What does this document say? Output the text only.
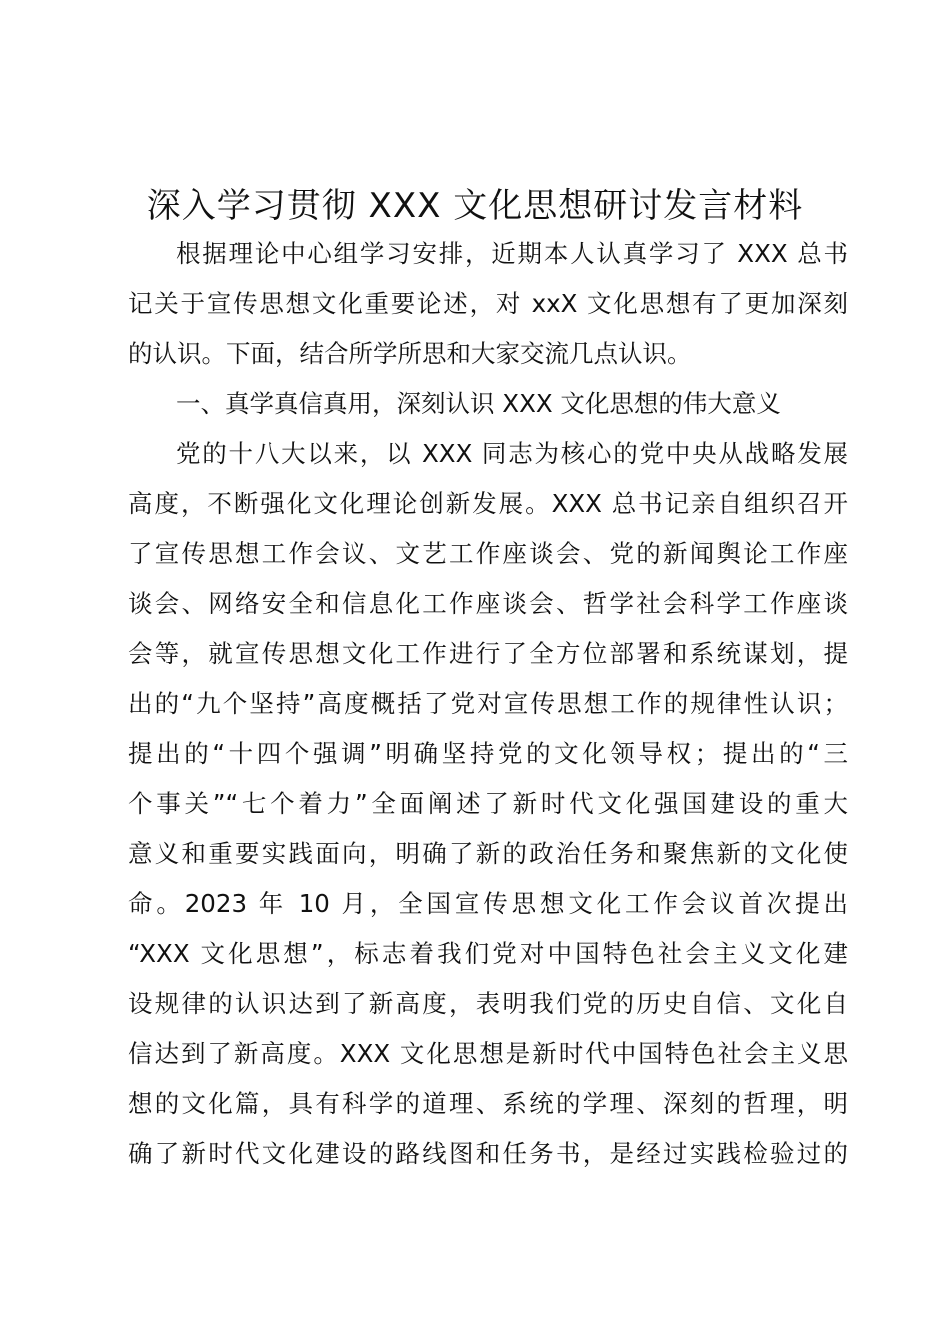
深入学习贯彻 XXX 文化思想研讨发言材料
根据理论中心组学习安排，近期本人认真学习了 XXX 总书
记关于宣传思想文化重要论述，对 xxX 文化思想有了更加深刻
的认识。下面，结合所学所思和大家交流几点认识。
一、真学真信真用，深刻认识 XXX 文化思想的伟大意义
党的十八大以来，以 XXX 同志为核心的党中央从战略发展
高度，不断强化文化理论创新发展。XXX 总书记亲自组织召开
了宣传思想工作会议、文艺工作座谈会、党的新闻舆论工作座
谈会、网络安全和信息化工作座谈会、哲学社会科学工作座谈
会等，就宣传思想文化工作进行了全方位部署和系统谋划，提
出的“九个坚持”高度概括了党对宣传思想工作的规律性认识；
提出的“十四个强调”明确坚持党的文化领导权；提出的“三
个事关”“七个着力”全面阐述了新时代文化强国建设的重大
意义和重要实践面向，明确了新的政治任务和聚焦新的文化使
命。2023 年 10 月，全国宣传思想文化工作会议首次提出
“XXX 文化思想”，标志着我们党对中国特色社会主义文化建
设规律的认识达到了新高度，表明我们党的历史自信、文化自
信达到了新高度。XXX 文化思想是新时代中国特色社会主义思
想的文化篇，具有科学的道理、系统的学理、深刻的哲理，明
确了新时代文化建设的路线图和任务书，是经过实践检验过的
